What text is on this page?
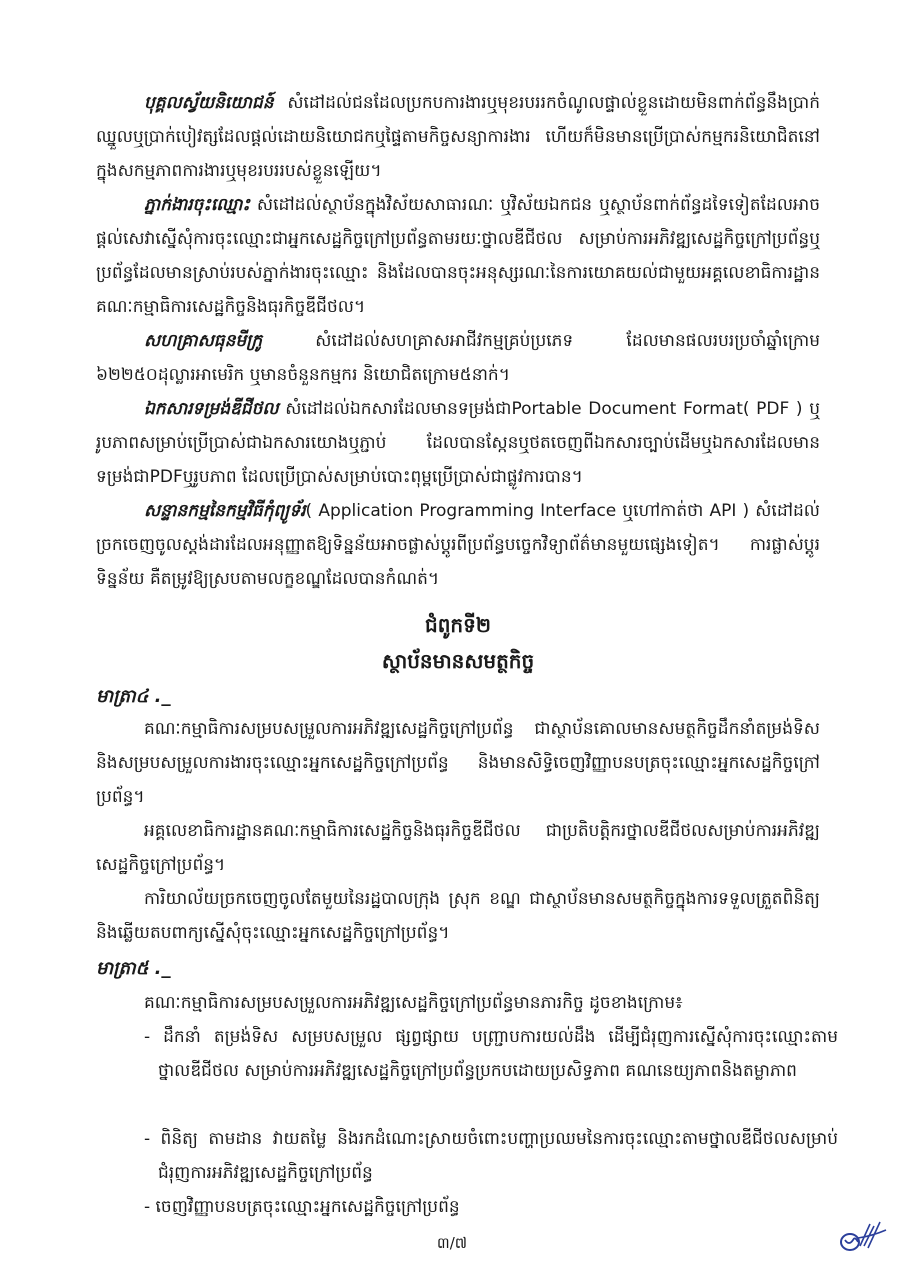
បុគ្គលស្វ័យនិយោជន៍ សំដៅដល់ជនដែលប្រកបការងារឬមុខរបររកចំណូលផ្ទាល់ខ្លួនដោយមិនពាក់ព័ន្ធនឹងប្រាក់ឈ្នួលឬប្រាក់បៀវត្សដែលផ្ដល់ដោយនិយោជកឬផ្ទៃតាមកិច្ចសន្យាការងារ ហើយក៏មិនមានប្រើប្រាស់កម្មករនិយោជិតនៅក្នុងសកម្មភាពការងារឬមុខរបររបស់ខ្លួនឡើយ។

ភ្នាក់ងារចុះឈ្មោះ សំដៅដល់ស្ថាប័នក្នុងវិស័យសាធារណៈ ឬវិស័យឯកជន ឬស្ថាប័នពាក់ព័ន្ធដទៃទៀតដែលអាចផ្ដល់សេវាស្នើសុំការចុះឈ្មោះជាអ្នកសេដ្ឋកិច្ចក្រៅប្រព័ន្ធតាមរយៈថ្នាលឌីជីថល សម្រាប់ការអភិវឌ្ឍសេដ្ឋកិច្ចក្រៅប្រព័ន្ធឬប្រព័ន្ធដែលមានស្រាប់របស់ភ្នាក់ងារចុះឈ្មោះ និងដែលបានចុះអនុស្សរណៈនៃការយោគយល់ជាមួយអគ្គលេខាធិការដ្ឋានគណៈកម្មាធិការសេដ្ឋកិច្ចនិងធុរកិច្ចឌីជីថល។

សហគ្រាសធុនមីក្រូ សំដៅដល់សហគ្រាសអាជីវកម្មគ្រប់ប្រភេទ ដែលមានផលរបរប្រចាំឆ្នាំក្រោម ៦២២៥០ដុល្លារអាមេរិក ឬមានចំនួនកម្មករ និយោជិតក្រោម៥នាក់។

ឯកសារទម្រង់ឌីជីថល សំដៅដល់ឯកសារដែលមានទម្រង់ជាPortable Document Format( PDF ) ឬរូបភាពសម្រាប់ប្រើប្រាស់ជាឯកសារយោងឬភ្ជាប់ ដែលបានស្កែនឬថតចេញពីឯកសារច្បាប់ដើមឬឯកសារដែលមានទម្រង់ជាPDFឬរូបភាព ដែលប្រើប្រាស់សម្រាប់បោះពុម្ពប្រើប្រាស់ជាផ្លូវការបាន។

សន្ទានកម្មនៃកម្មវិធីកុំព្យូទ័រ( Application Programming Interface ឬហៅកាត់ថា API ) សំដៅដល់ច្រកចេញចូលស្តង់ដារដែលអនុញ្ញាតឱ្យទិន្នន័យអាចផ្លាស់ប្តូរពីប្រព័ន្ធបច្ចេកវិទ្យាព័ត៌មានមួយផ្សេងទៀត។ ការផ្លាស់ប្តូរទិន្នន័យ គឺតម្រូវឱ្យស្របតាមលក្ខខណ្ឌដែលបានកំណត់។

ជំពូកទី២

ស្ថាប័នមានសមត្ថកិច្ច

មាត្រា៤ ._

គណៈកម្មាធិការសម្របសម្រួលការអភិវឌ្ឍសេដ្ឋកិច្ចក្រៅប្រព័ន្ធ ជាស្ថាប័នគោលមានសមត្ថកិច្ចដឹកនាំតម្រង់ទិស និងសម្របសម្រួលការងារចុះឈ្មោះអ្នកសេដ្ឋកិច្ចក្រៅប្រព័ន្ធ និងមានសិទ្ធិចេញវិញ្ញាបនបត្រចុះឈ្មោះអ្នកសេដ្ឋកិច្ចក្រៅប្រព័ន្ធ។

អគ្គលេខាធិការដ្ឋានគណៈកម្មាធិការសេដ្ឋកិច្ចនិងធុរកិច្ចឌីជីថល ជាប្រតិបត្តិករថ្នាលឌីជីថលសម្រាប់ការអភិវឌ្ឍសេដ្ឋកិច្ចក្រៅប្រព័ន្ធ។

ការិយាល័យច្រកចេញចូលតែមួយនៃរដ្ឋបាលក្រុង ស្រុក ខណ្ឌ ជាស្ថាប័នមានសមត្ថកិច្ចក្នុងការទទួលត្រួតពិនិត្យនិងឆ្លើយតបពាក្យស្នើសុំចុះឈ្មោះអ្នកសេដ្ឋកិច្ចក្រៅប្រព័ន្ធ។

មាត្រា៥ ._

គណៈកម្មាធិការសម្របសម្រួលការអភិវឌ្ឍសេដ្ឋកិច្ចក្រៅប្រព័ន្ធមានភារកិច្ច ដូចខាងក្រោម៖

- ដឹកនាំ តម្រង់ទិស សម្របសម្រួល ផ្សព្វផ្សាយ បញ្ជ្រាបការយល់ដឹង ដើម្បីជំរុញការស្នើសុំការចុះឈ្មោះតាមថ្នាលឌីជីថល សម្រាប់ការអភិវឌ្ឍសេដ្ឋកិច្ចក្រៅប្រព័ន្ធប្រកបដោយប្រសិទ្ធភាព គណនេយ្យភាពនិងតម្លាភាព

- ពិនិត្យ តាមដាន វាយតម្លៃ និងរកដំណោះស្រាយចំពោះបញ្ហាប្រឈមនៃការចុះឈ្មោះតាមថ្នាលឌីជីថលសម្រាប់ជំរុញការអភិវឌ្ឍសេដ្ឋកិច្ចក្រៅប្រព័ន្ធ

- ចេញវិញ្ញាបនបត្រចុះឈ្មោះអ្នកសេដ្ឋកិច្ចក្រៅប្រព័ន្ធ

៣/៧
